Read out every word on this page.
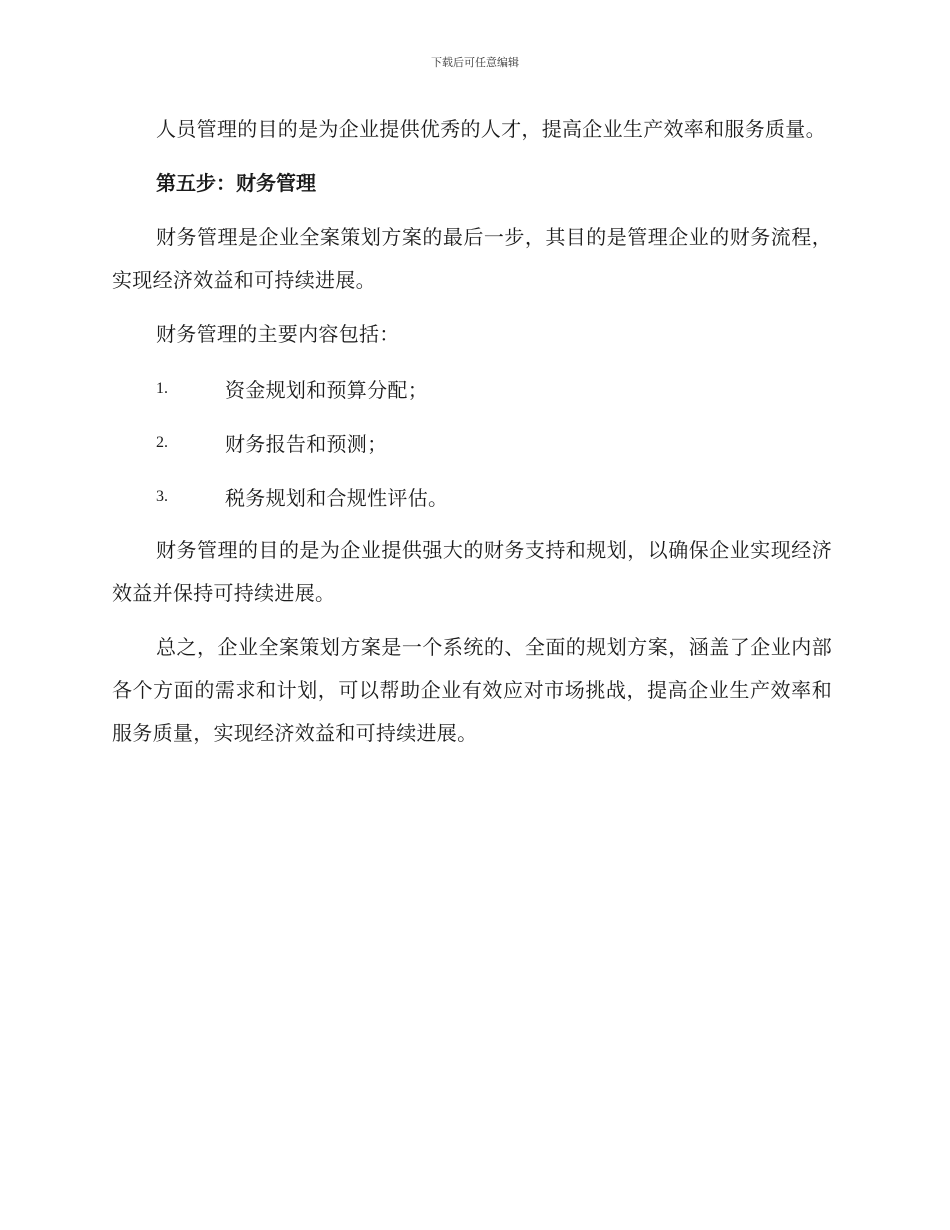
下载后可任意编辑

人员管理的目的是为企业提供优秀的人才，提高企业生产效率和服务质量。

第五步：财务管理

财务管理是企业全案策划方案的最后一步，其目的是管理企业的财务流程，实现经济效益和可持续进展。

财务管理的主要内容包括：

1.	资金规划和预算分配；
2.	财务报告和预测；
3.	税务规划和合规性评估。

财务管理的目的是为企业提供强大的财务支持和规划，以确保企业实现经济效益并保持可持续进展。

总之，企业全案策划方案是一个系统的、全面的规划方案，涵盖了企业内部各个方面的需求和计划，可以帮助企业有效应对市场挑战，提高企业生产效率和服务质量，实现经济效益和可持续进展。
